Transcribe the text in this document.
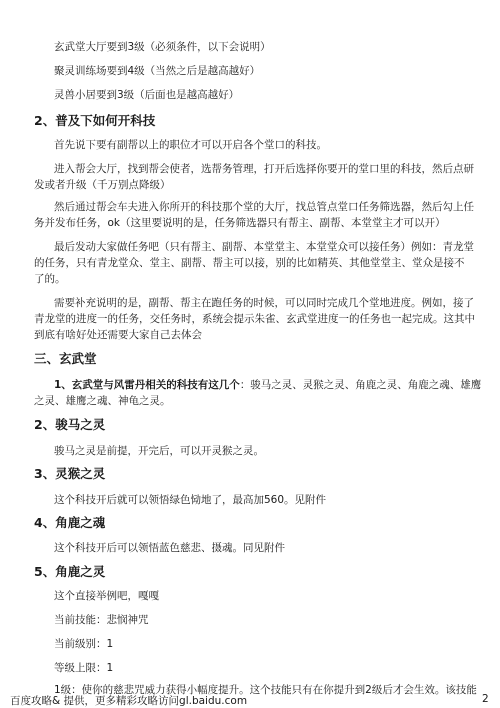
玄武堂大厅要到3级（必须条件，以下会说明）
聚灵训练场要到4级（当然之后是越高越好）
灵兽小居要到3级（后面也是越高越好）
2、普及下如何开科技
首先说下要有副帮以上的职位才可以开启各个堂口的科技。
进入帮会大厅，找到帮会使者，选帮务管理，打开后选择你要开的堂口里的科技，然后点研
发或者升级（千万别点降级）
然后通过帮会车夫进入你所开的科技那个堂的大厅，找总管点堂口任务筛选器，然后勾上任
务并发布任务，ok（这里要说明的是，任务筛选器只有帮主、副帮、本堂堂主才可以开）
最后发动大家做任务吧（只有帮主、副帮、本堂堂主、本堂堂众可以接任务）例如：青龙堂
的任务，只有青龙堂众、堂主、副帮、帮主可以接，别的比如精英、其他堂堂主、堂众是接不
了的。
需要补充说明的是，副帮、帮主在跑任务的时候，可以同时完成几个堂地进度。例如，接了
青龙堂的进度一的任务，交任务时，系统会提示朱雀、玄武堂进度一的任务也一起完成。这其中
到底有啥好处还需要大家自己去体会
三、玄武堂
1、玄武堂与风雷丹相关的科技有这几个：骏马之灵、灵猴之灵、角鹿之灵、角鹿之魂、雄鹰
之灵、雄鹰之魂、神龟之灵。
2、骏马之灵
骏马之灵是前提，开完后，可以开灵猴之灵。
3、灵猴之灵
这个科技开后就可以领悟绿色恸地了，最高加560。见附件
4、角鹿之魂
这个科技开后可以领悟蓝色慈悲、摄魂。同见附件
5、角鹿之灵
这个直接举例吧，嘎嘎
当前技能：悲悯神咒
当前级别：1
等级上限：1
1级：使你的慈悲咒威力获得小幅度提升。这个技能只有在你提升到2级后才会生效。该技能
百度攻略& 提供，更多精彩攻略访问gl.baidu.com	2
